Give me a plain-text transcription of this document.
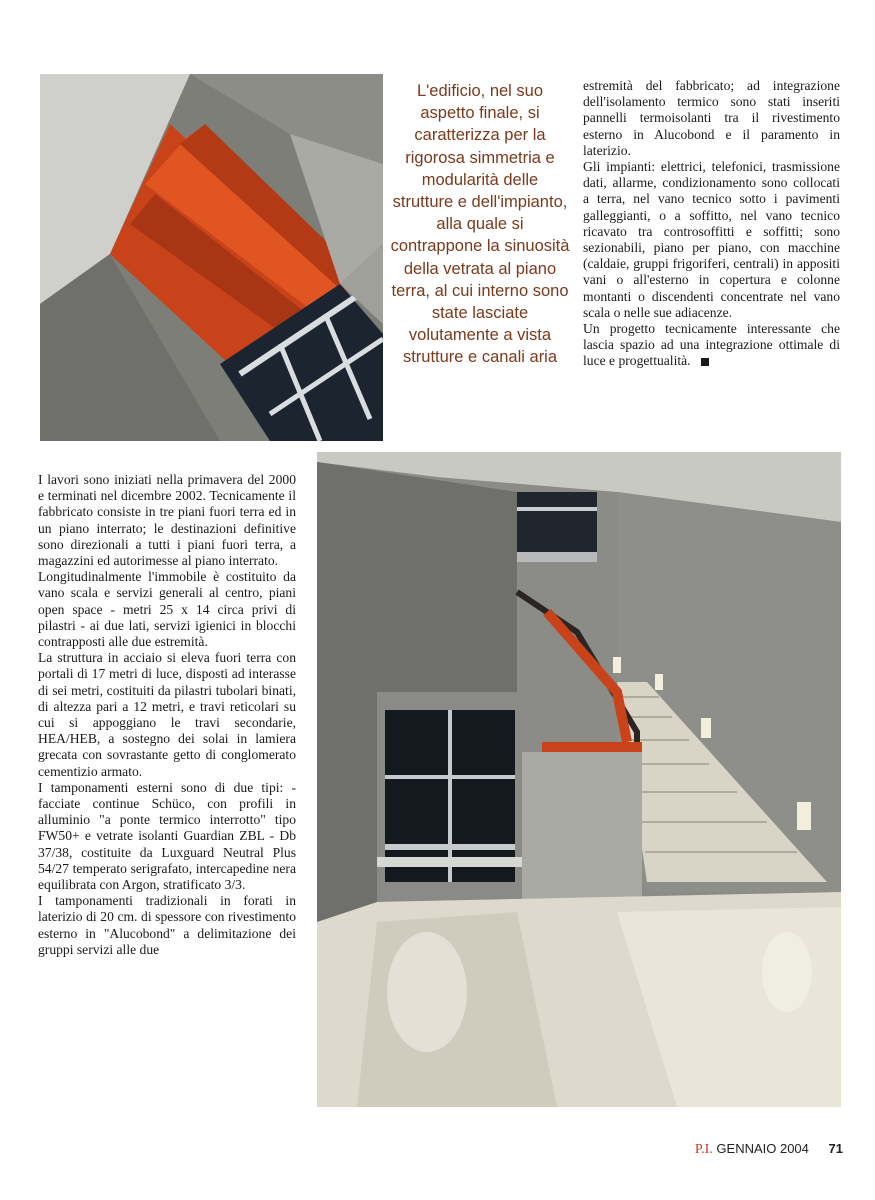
L'edificio, nel suo aspetto finale, si caratterizza per la rigorosa simmetria e modularità delle strutture e dell'impianto, alla quale si contrappone la sinuosità della vetrata al piano terra, al cui interno sono state lasciate volutamente a vista strutture e canali aria

estremità del fabbricato; ad integrazione dell'isolamento termico sono stati inseriti pannelli termoisolanti tra il rivestimento esterno in Alucobond e il paramento in laterizio.

Gli impianti: elettrici, telefonici, trasmissione dati, allarme, condizionamento sono collocati a terra, nel vano tecnico sotto i pavimenti galleggianti, o a soffitto, nel vano tecnico ricavato tra controsoffitti e soffitti; sono sezionabili, piano per piano, con macchine (caldaie, gruppi frigoriferi, centrali) in appositi vani o all'esterno in copertura e colonne montanti o discendenti concentrate nel vano scala o nelle sue adiacenze.

Un progetto tecnicamente interessante che lascia spazio ad una integrazione ottimale di luce e progettualità.

I lavori sono iniziati nella primavera del 2000 e terminati nel dicembre 2002. Tecnicamente il fabbricato consiste in tre piani fuori terra ed in un piano interrato; le destinazioni definitive sono direzionali a tutti i piani fuori terra, a magazzini ed autorimesse al piano interrato.

Longitudinalmente l'immobile è costituito da vano scala e servizi generali al centro, piani open space - metri 25 x 14 circa privi di pilastri - ai due lati, servizi igienici in blocchi contrapposti alle due estremità.

La struttura in acciaio si eleva fuori terra con portali di 17 metri di luce, disposti ad interasse di sei metri, costituiti da pilastri tubolari binati, di altezza pari a 12 metri, e travi reticolari su cui si appoggiano le travi secondarie, HEA/HEB, a sostegno dei solai in lamiera grecata con sovrastante getto di conglomerato cementizio armato.

I tamponamenti esterni sono di due tipi: - facciate continue Schüco, con profili in alluminio "a ponte termico interrotto" tipo FW50+ e vetrate isolanti Guardian ZBL - Db 37/38, costituite da Luxguard Neutral Plus 54/27 temperato serigrafato, intercapedine nera equilibrata con Argon, stratificato 3/3.

I tamponamenti tradizionali in forati in laterizio di 20 cm. di spessore con rivestimento esterno in "Alucobond" a delimitazione dei gruppi servizi alle due

P.I. GENNAIO 2004 71
